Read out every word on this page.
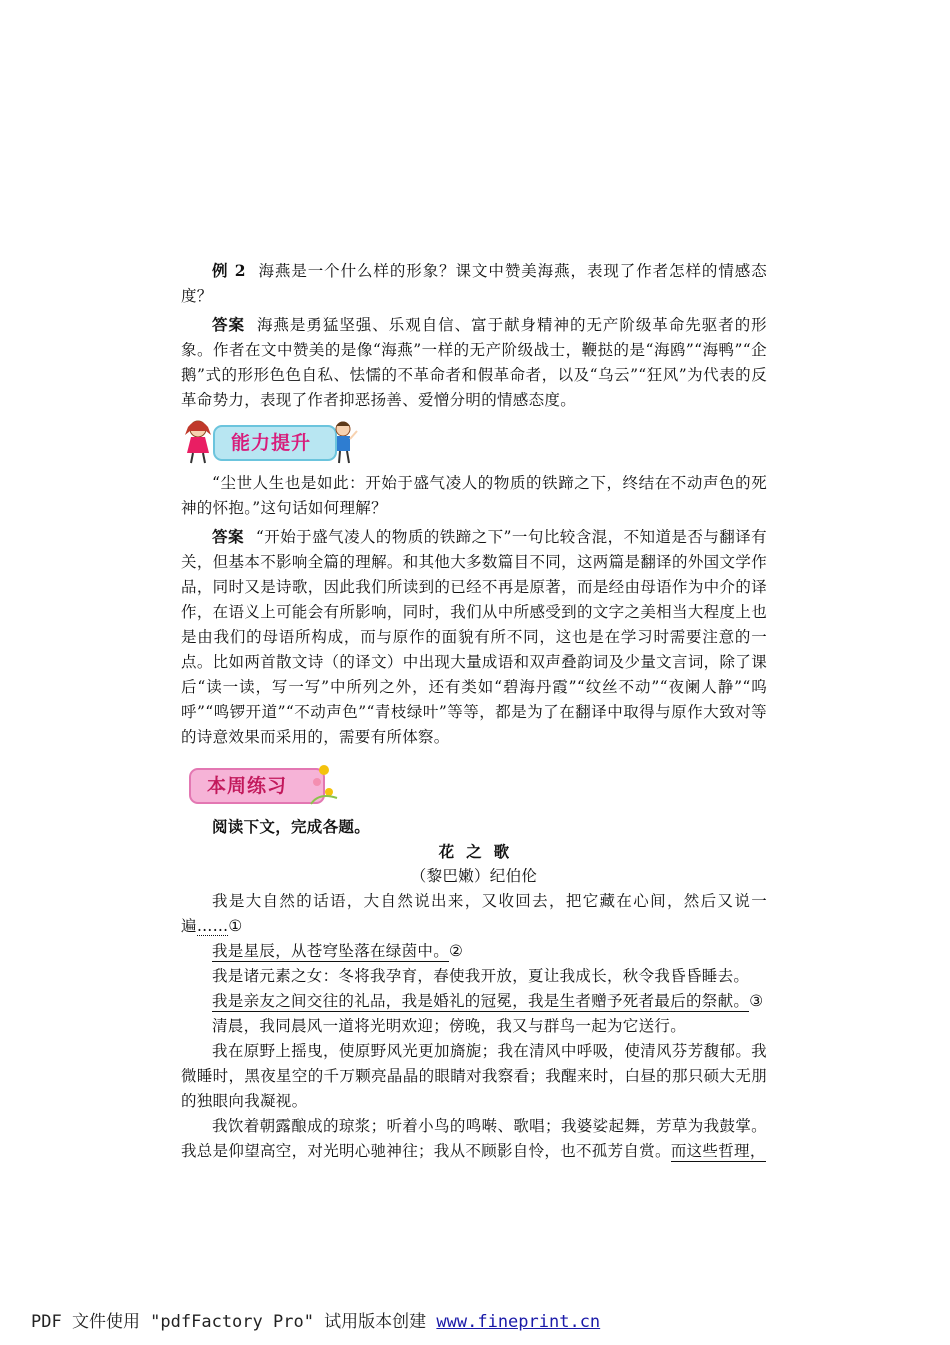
例 2 海燕是一个什么样的形象？课文中赞美海燕，表现了作者怎样的情感态度？

答案 海燕是勇猛坚强、乐观自信、富于献身精神的无产阶级革命先驱者的形象。作者在文中赞美的是像“海燕”一样的无产阶级战士，鞭挞的是“海鸥”“海鸭”“企鹅”式的形形色色自私、怯懦的不革命者和假革命者，以及“乌云”“狂风”为代表的反革命势力，表现了作者抑恶扬善、爱憎分明的情感态度。

能力提升

“尘世人生也是如此：开始于盛气凌人的物质的铁蹄之下，终结在不动声色的死神的怀抱。”这句话如何理解？

答案 “开始于盛气凌人的物质的铁蹄之下”一句比较含混，不知道是否与翻译有关，但基本不影响全篇的理解。和其他大多数篇目不同，这两篇是翻译的外国文学作品，同时又是诗歌，因此我们所读到的已经不再是原著，而是经由母语作为中介的译作，在语义上可能会有所影响，同时，我们从中所感受到的文字之美相当大程度上也是由我们的母语所构成，而与原作的面貌有所不同，这也是在学习时需要注意的一点。比如两首散文诗（的译文）中出现大量成语和双声叠韵词及少量文言词，除了课后“读一读，写一写”中所列之外，还有类如“碧海丹霞”“纹丝不动”“夜阑人静”“呜呼”“鸣锣开道”“不动声色”“青枝绿叶”等等，都是为了在翻译中取得与原作大致对等的诗意效果而采用的，需要有所体察。

本周练习

阅读下文，完成各题。

花 之 歌

（黎巴嫩）纪伯伦

我是大自然的话语，大自然说出来，又收回去，把它藏在心间，然后又说一遍……①

我是星辰，从苍穹坠落在绿茵中。②

我是诸元素之女：冬将我孕育，春使我开放，夏让我成长，秋令我昏昏睡去。

我是亲友之间交往的礼品，我是婚礼的冠冕，我是生者赠予死者最后的祭献。③

清晨，我同晨风一道将光明欢迎；傍晚，我又与群鸟一起为它送行。

我在原野上摇曳，使原野风光更加旖旎；我在清风中呼吸，使清风芬芳馥郁。我微睡时，黑夜星空的千万颗亮晶晶的眼睛对我察看；我醒来时，白昼的那只硕大无朋的独眼向我凝视。

我饮着朝露酿成的琼浆；听着小鸟的鸣啭、歌唱；我婆娑起舞，芳草为我鼓掌。我总是仰望高空，对光明心驰神往；我从不顾影自怜，也不孤芳自赏。而这些哲理，

PDF 文件使用 "pdfFactory Pro" 试用版本创建 www.fineprint.cn
